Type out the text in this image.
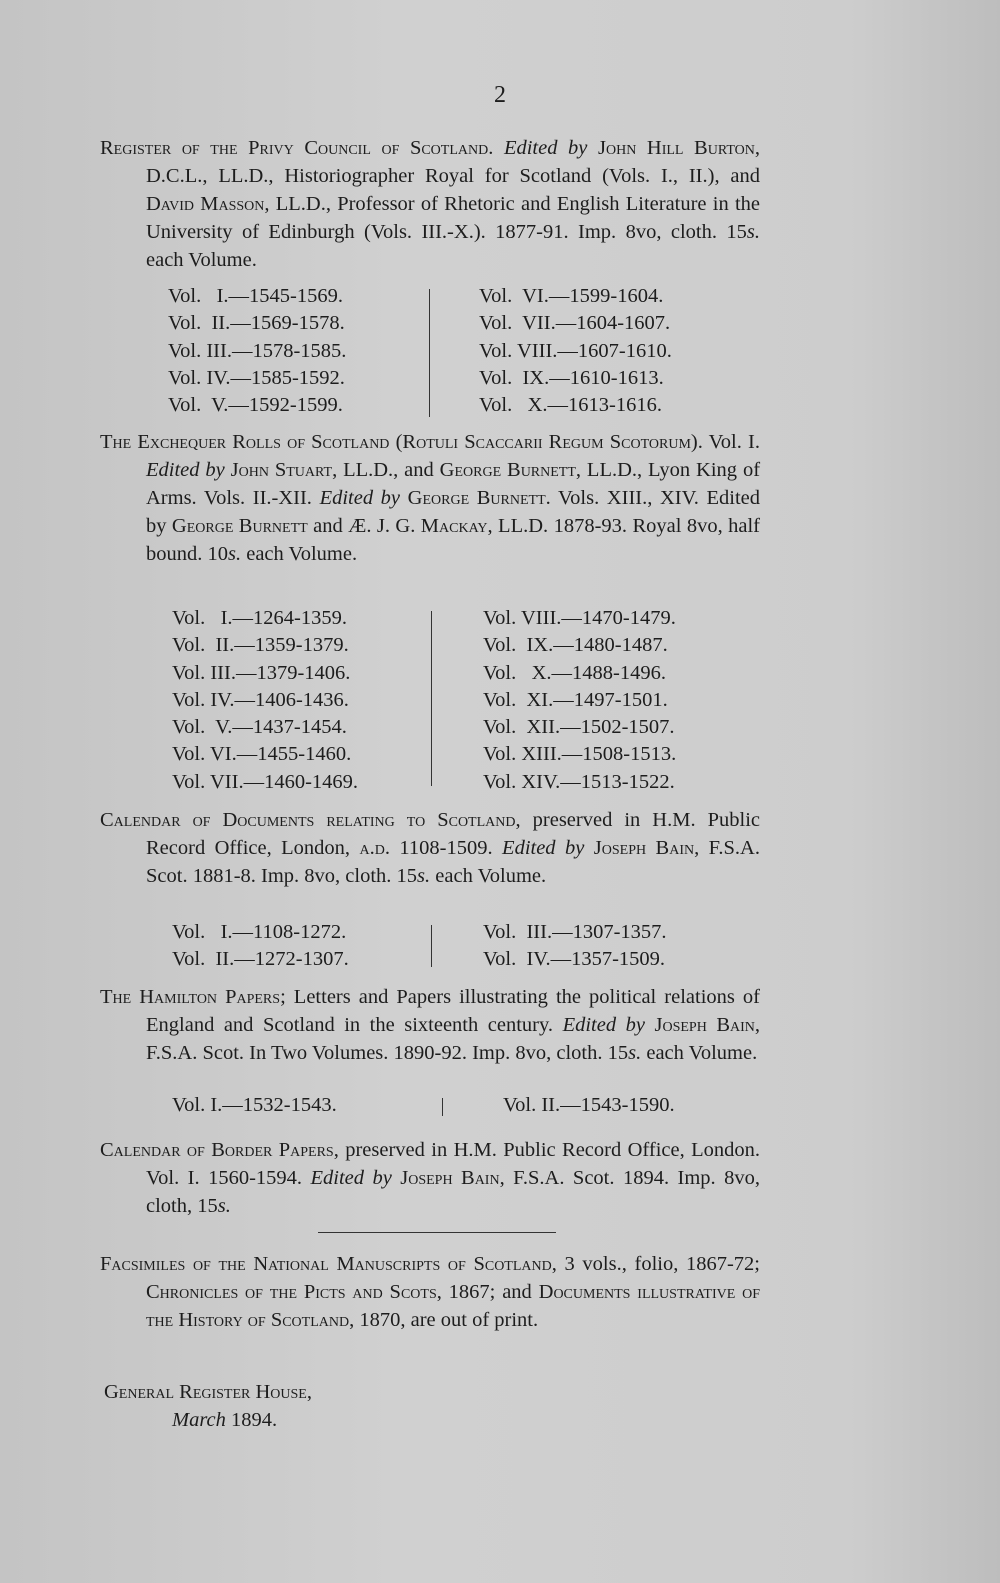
2

Register of the Privy Council of Scotland. Edited by John Hill Burton, D.C.L., LL.D., Historiographer Royal for Scotland (Vols. I., II.), and David Masson, LL.D., Professor of Rhetoric and English Literature in the University of Edinburgh (Vols. III.-X.). 1877-91. Imp. 8vo, cloth. 15s. each Volume.

Vol.   I.—1545-1569.
Vol.  II.—1569-1578.
Vol. III.—1578-1585.
Vol. IV.—1585-1592.
Vol.  V.—1592-1599.
Vol.  VI.—1599-1604.
Vol.  VII.—1604-1607.
Vol. VIII.—1607-1610.
Vol.  IX.—1610-1613.
Vol.   X.—1613-1616.

The Exchequer Rolls of Scotland (Rotuli Scaccarii Regum Scotorum). Vol. I. Edited by John Stuart, LL.D., and George Burnett, LL.D., Lyon King of Arms. Vols. II.-XII. Edited by George Burnett. Vols. XIII., XIV. Edited by George Burnett and Æ. J. G. Mackay, LL.D. 1878-93. Royal 8vo, half bound. 10s. each Volume.

Vol.   I.—1264-1359.
Vol.  II.—1359-1379.
Vol. III.—1379-1406.
Vol. IV.—1406-1436.
Vol.  V.—1437-1454.
Vol. VI.—1455-1460.
Vol. VII.—1460-1469.
Vol. VIII.—1470-1479.
Vol.  IX.—1480-1487.
Vol.   X.—1488-1496.
Vol.  XI.—1497-1501.
Vol.  XII.—1502-1507.
Vol. XIII.—1508-1513.
Vol. XIV.—1513-1522.

Calendar of Documents relating to Scotland, preserved in H.M. Public Record Office, London, a.d. 1108-1509. Edited by Joseph Bain, F.S.A. Scot. 1881-8. Imp. 8vo, cloth. 15s. each Volume.

Vol.   I.—1108-1272.
Vol.  II.—1272-1307.
Vol.  III.—1307-1357.
Vol.  IV.—1357-1509.

The Hamilton Papers; Letters and Papers illustrating the political relations of England and Scotland in the sixteenth century. Edited by Joseph Bain, F.S.A. Scot. In Two Volumes. 1890-92. Imp. 8vo, cloth. 15s. each Volume.

Vol. I.—1532-1543.	Vol. II.—1543-1590.

Calendar of Border Papers, preserved in H.M. Public Record Office, London. Vol. I. 1560-1594. Edited by Joseph Bain, F.S.A. Scot. 1894. Imp. 8vo, cloth, 15s.

Facsimiles of the National Manuscripts of Scotland, 3 vols., folio, 1867-72; Chronicles of the Picts and Scots, 1867; and Documents illustrative of the History of Scotland, 1870, are out of print.

General Register House,
March 1894.
